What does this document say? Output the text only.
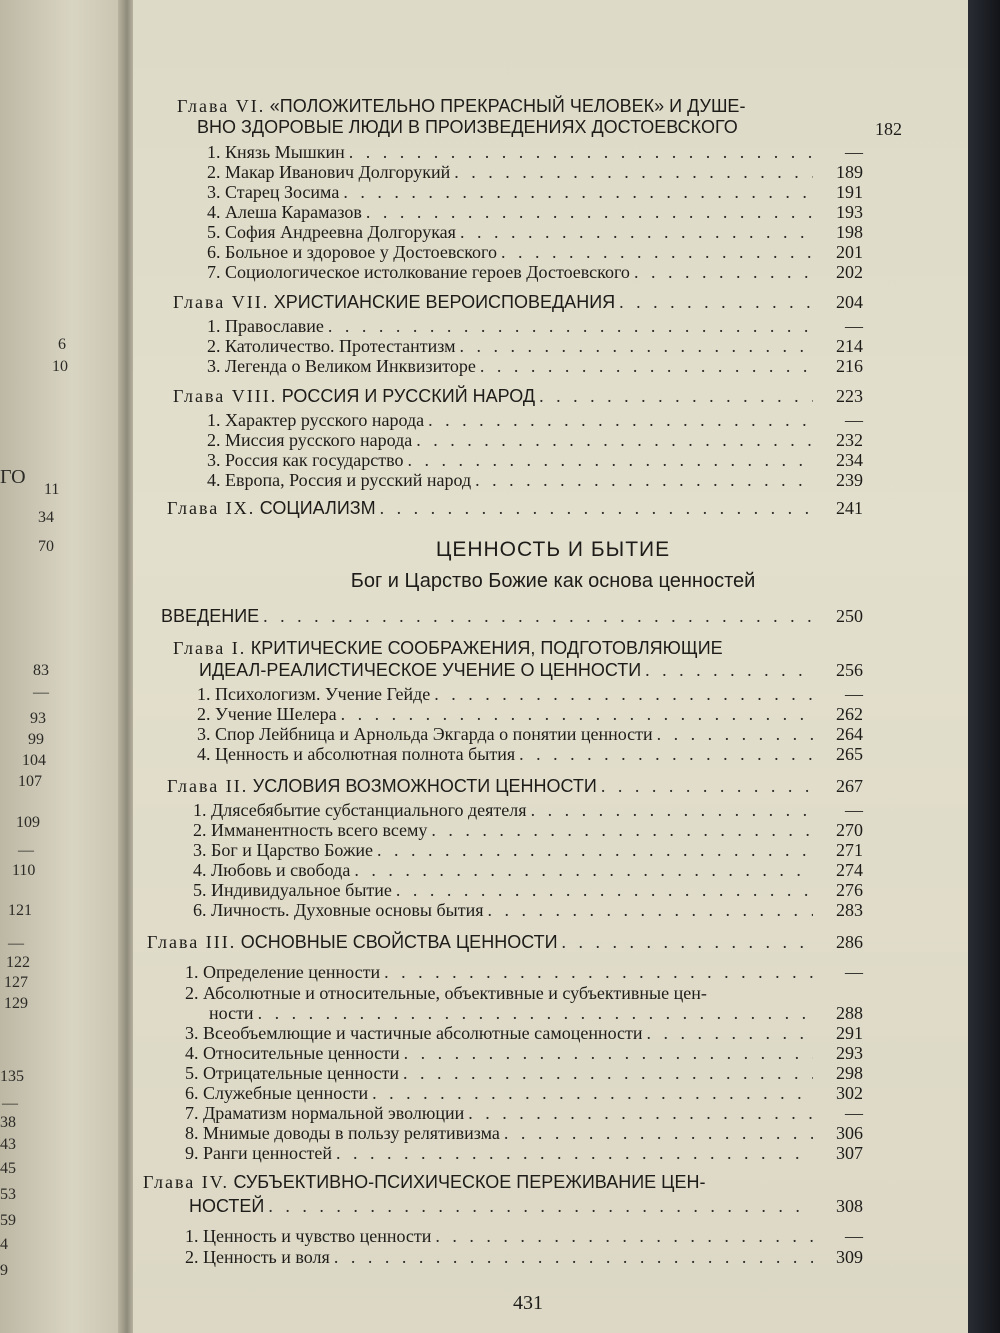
6
10
ГО
11
34
70
83
—
93
99
104
107
109
—
110
121
—
122
127
129
135
—
38
43
45
53
59
4
9
Глава VI. «ПОЛОЖИТЕЛЬНО ПРЕКРАСНЫЙ ЧЕЛОВЕК» И ДУШЕ-
ВНО ЗДОРОВЫЕ ЛЮДИ В ПРОИЗВЕДЕНИЯХ ДОСТОЕВСКОГО	182
1. Князь Мышкин . . .	—
2. Макар Иванович Долгорукий . . .	189
3. Старец Зосима . . .	191
4. Алеша Карамазов . . .	193
5. София Андреевна Долгорукая . . .	198
6. Больное и здоровое у Достоевского . . .	201
7. Социологическое истолкование героев Достоевского . . .	202
Глава VII. ХРИСТИАНСКИЕ ВЕРОИСПОВЕДАНИЯ . . .	204
1. Православие . . .	—
2. Католичество. Протестантизм . . .	214
3. Легенда о Великом Инквизиторе . . .	216
Глава VIII. РОССИЯ И РУССКИЙ НАРОД . . .	223
1. Характер русского народа . . .	—
2. Миссия русского народа . . .	232
3. Россия как государство . . .	234
4. Европа, Россия и русский народ . . .	239
Глава IX. СОЦИАЛИЗМ . . .	241
ЦЕННОСТЬ И БЫТИЕ
Бог и Царство Божие как основа ценностей
ВВЕДЕНИЕ . . .	250
Глава I. КРИТИЧЕСКИЕ СООБРАЖЕНИЯ, ПОДГОТОВЛЯЮЩИЕ
ИДЕАЛ-РЕАЛИСТИЧЕСКОЕ УЧЕНИЕ О ЦЕННОСТИ . . .	256
1. Психологизм. Учение Гейде . . .	—
2. Учение Шелера . . .	262
3. Спор Лейбница и Арнольда Экгарда о понятии ценности . . .	264
4. Ценность и абсолютная полнота бытия . . .	265
Глава II. УСЛОВИЯ ВОЗМОЖНОСТИ ЦЕННОСТИ . . .	267
1. Длясебябытие субстанциального деятеля . . .	—
2. Имманентность всего всему . . .	270
3. Бог и Царство Божие . . .	271
4. Любовь и свобода . . .	274
5. Индивидуальное бытие . . .	276
6. Личность. Духовные основы бытия . . .	283
Глава III. ОСНОВНЫЕ СВОЙСТВА ЦЕННОСТИ . . .	286
1. Определение ценности . . .	—
2. Абсолютные и относительные, объективные и субъективные цен-
ности . . .	288
3. Всеобъемлющие и частичные абсолютные самоценности . . .	291
4. Относительные ценности . . .	293
5. Отрицательные ценности . . .	298
6. Служебные ценности . . .	302
7. Драматизм нормальной эволюции . . .	—
8. Мнимые доводы в пользу релятивизма . . .	306
9. Ранги ценностей . . .	307
Глава IV. СУБЪЕКТИВНО-ПСИХИЧЕСКОЕ ПЕРЕЖИВАНИЕ ЦЕН-
НОСТЕЙ . . .	308
1. Ценность и чувство ценности . . .	—
2. Ценность и воля . . .	309
431
